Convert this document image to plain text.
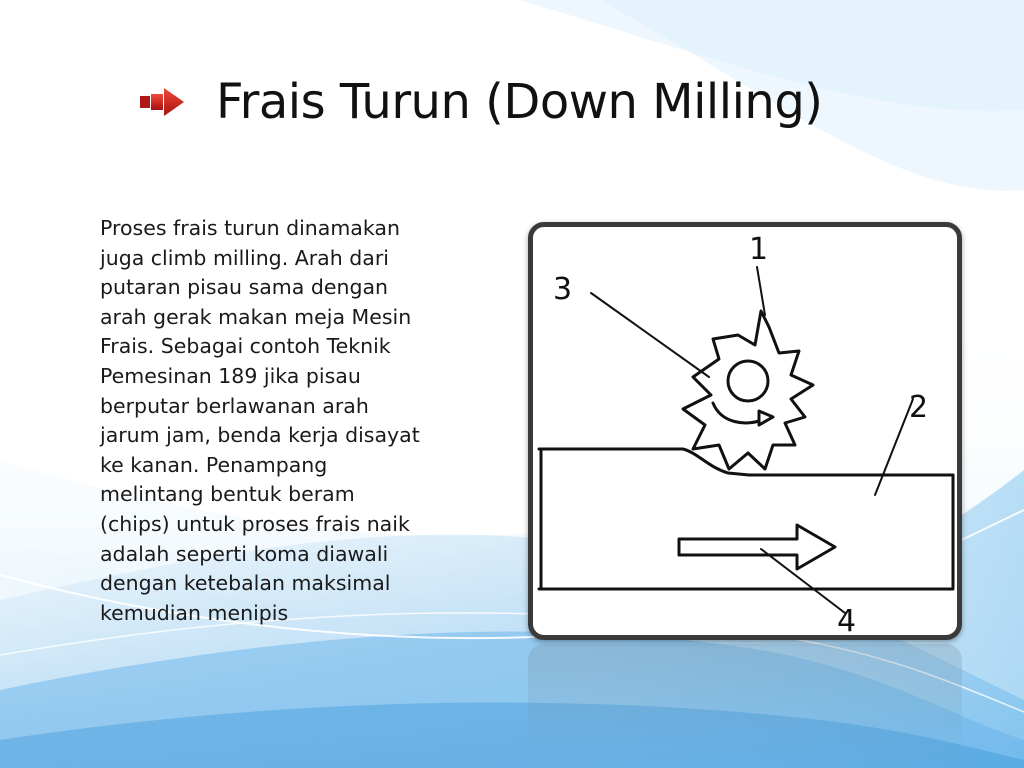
Frais Turun (Down Milling)
Proses frais turun dinamakan
juga climb milling. Arah dari
putaran pisau sama dengan
arah gerak makan meja Mesin
Frais. Sebagai contoh Teknik
Pemesinan 189 jika pisau
berputar berlawanan arah
jarum jam, benda kerja disayat
ke kanan. Penampang
melintang bentuk beram
(chips) untuk proses frais naik
adalah seperti koma diawali
dengan ketebalan maksimal
kemudian menipis
1
2
3
4
